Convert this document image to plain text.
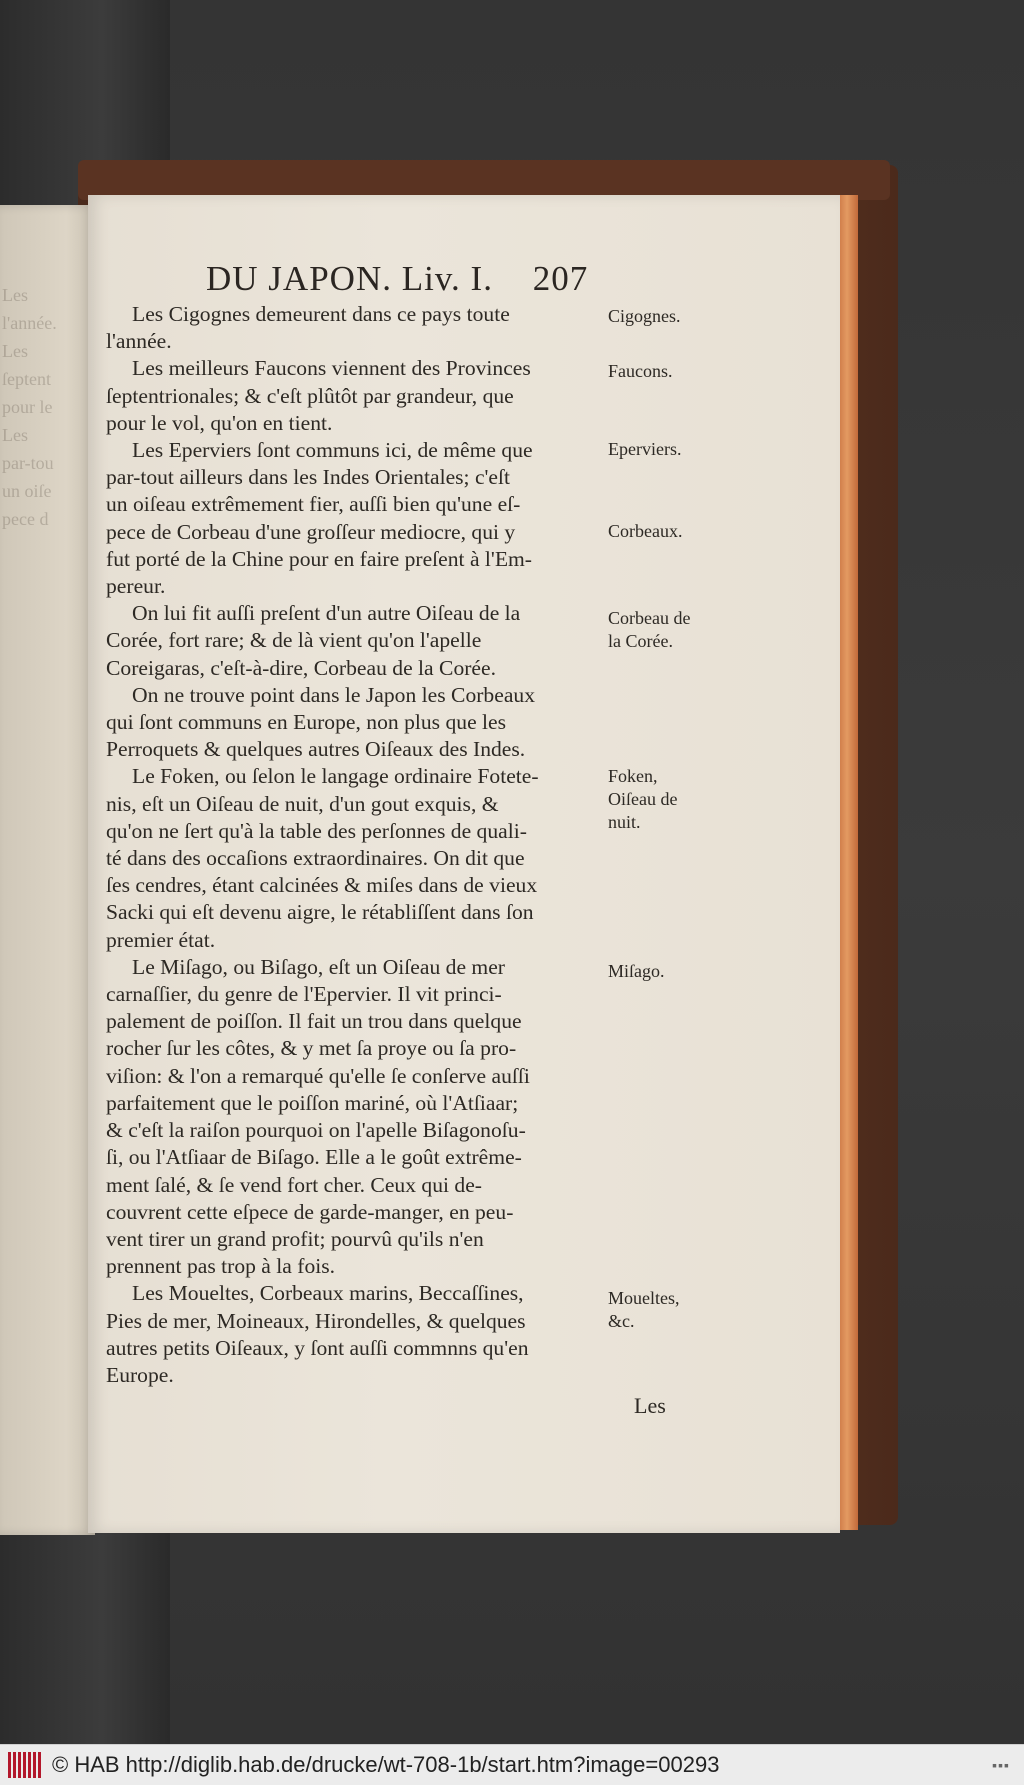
Les
l'année.
Les
ſeptent
pour le
Les
par-tou
un oiſe
pece d
DU JAPON. Liv. I. 207

Les Cigognes demeurent dans ce pays toute

l'année.

Les meilleurs Faucons viennent des Provinces

ſeptentrionales; & c'eſt plûtôt par grandeur, que

pour le vol, qu'on en tient.

Les Eperviers ſont communs ici, de même que

par-tout ailleurs dans les Indes Orientales; c'eſt

un oiſeau extrêmement fier, auſſi bien qu'une eſ-

pece de Corbeau d'une groſſeur mediocre, qui y

fut porté de la Chine pour en faire preſent à l'Em-

pereur.

On lui fit auſſi preſent d'un autre Oiſeau de la

Corée, fort rare; & de là vient qu'on l'apelle

Coreigaras, c'eſt-à-dire, Corbeau de la Corée.

On ne trouve point dans le Japon les Corbeaux

qui ſont communs en Europe, non plus que les

Perroquets & quelques autres Oiſeaux des Indes.

Le Foken, ou ſelon le langage ordinaire Fotete-

nis, eſt un Oiſeau de nuit, d'un gout exquis, &

qu'on ne ſert qu'à la table des perſonnes de quali-

té dans des occaſions extraordinaires. On dit que

ſes cendres, étant calcinées & miſes dans de vieux

Sacki qui eſt devenu aigre, le rétabliſſent dans ſon

premier état.

Le Miſago, ou Biſago, eſt un Oiſeau de mer

carnaſſier, du genre de l'Epervier. Il vit princi-

palement de poiſſon. Il fait un trou dans quelque

rocher ſur les côtes, & y met ſa proye ou ſa pro-

viſion: & l'on a remarqué qu'elle ſe conſerve auſſi

parfaitement que le poiſſon mariné, où l'Atſiaar;

& c'eſt la raiſon pourquoi on l'apelle Biſagonoſu-

ſi, ou l'Atſiaar de Biſago. Elle a le goût extrême-

ment ſalé, & ſe vend fort cher. Ceux qui de-

couvrent cette eſpece de garde-manger, en peu-

vent tirer un grand profit; pourvû qu'ils n'en

prennent pas trop à la fois.

Les Moueltes, Corbeaux marins, Beccaſſines,

Pies de mer, Moineaux, Hirondelles, & quelques

autres petits Oiſeaux, y ſont auſſi commnns qu'en

Europe.

Cigognes.
Faucons.
Eperviers.
Corbeaux.
Corbeau de la Corée.
Foken, Oiſeau de nuit.
Miſago.
Moueltes, &c.
Les
© HAB http://diglib.hab.de/drucke/wt-708-1b/start.htm?image=00293	▪▪▪
